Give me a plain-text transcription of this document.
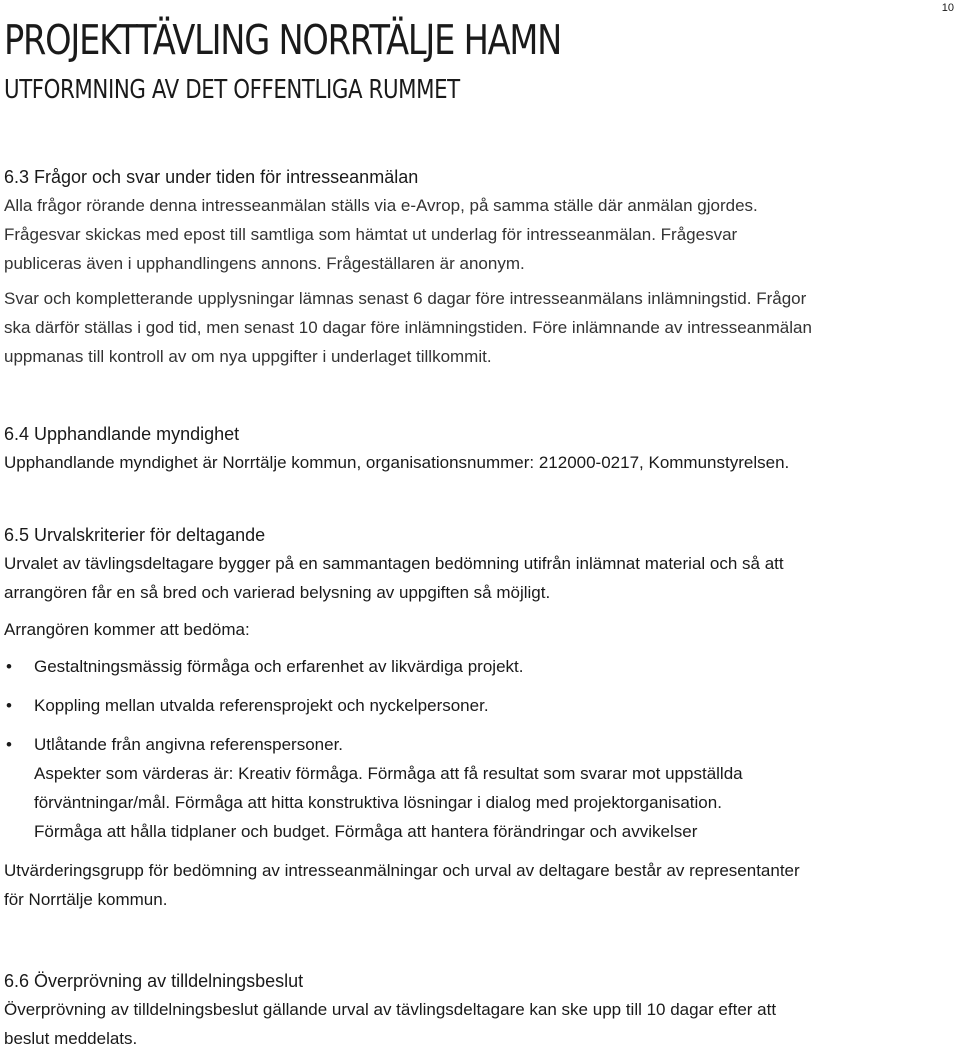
10
PROJEKTTÄVLING NORRTÄLJE HAMN
UTFORMNING AV DET OFFENTLIGA RUMMET
6.3 Frågor och svar under tiden för intresseanmälan
Alla frågor rörande denna intresseanmälan ställs via e-Avrop, på samma ställe där anmälan gjordes.
Frågesvar skickas med epost till samtliga som hämtat ut underlag för intresseanmälan. Frågesvar
publiceras även i upphandlingens annons. Frågeställaren är anonym.
Svar och kompletterande upplysningar lämnas senast 6 dagar före intresseanmälans inlämningstid. Frågor
ska därför ställas i god tid, men senast 10 dagar före inlämningstiden. Före inlämnande av intresseanmälan
uppmanas till kontroll av om nya uppgifter i underlaget tillkommit.
6.4 Upphandlande myndighet
Upphandlande myndighet är Norrtälje kommun, organisationsnummer: 212000-0217, Kommunstyrelsen.
6.5 Urvalskriterier för deltagande
Urvalet av tävlingsdeltagare bygger på en sammantagen bedömning utifrån inlämnat material och så att
arrangören får en så bred och varierad belysning av uppgiften så möjligt.
Arrangören kommer att bedöma:
• Gestaltningsmässig förmåga och erfarenhet av likvärdiga projekt.
• Koppling mellan utvalda referensprojekt och nyckelpersoner.
• Utlåtande från angivna referenspersoner.
Aspekter som värderas är: Kreativ förmåga. Förmåga att få resultat som svarar mot uppställda
förväntningar/mål. Förmåga att hitta konstruktiva lösningar i dialog med projektorganisation.
Förmåga att hålla tidplaner och budget. Förmåga att hantera förändringar och avvikelser
Utvärderingsgrupp för bedömning av intresseanmälningar och urval av deltagare består av representanter
för Norrtälje kommun.
6.6 Överprövning av tilldelningsbeslut
Överprövning av tilldelningsbeslut gällande urval av tävlingsdeltagare kan ske upp till 10 dagar efter att
beslut meddelats.
